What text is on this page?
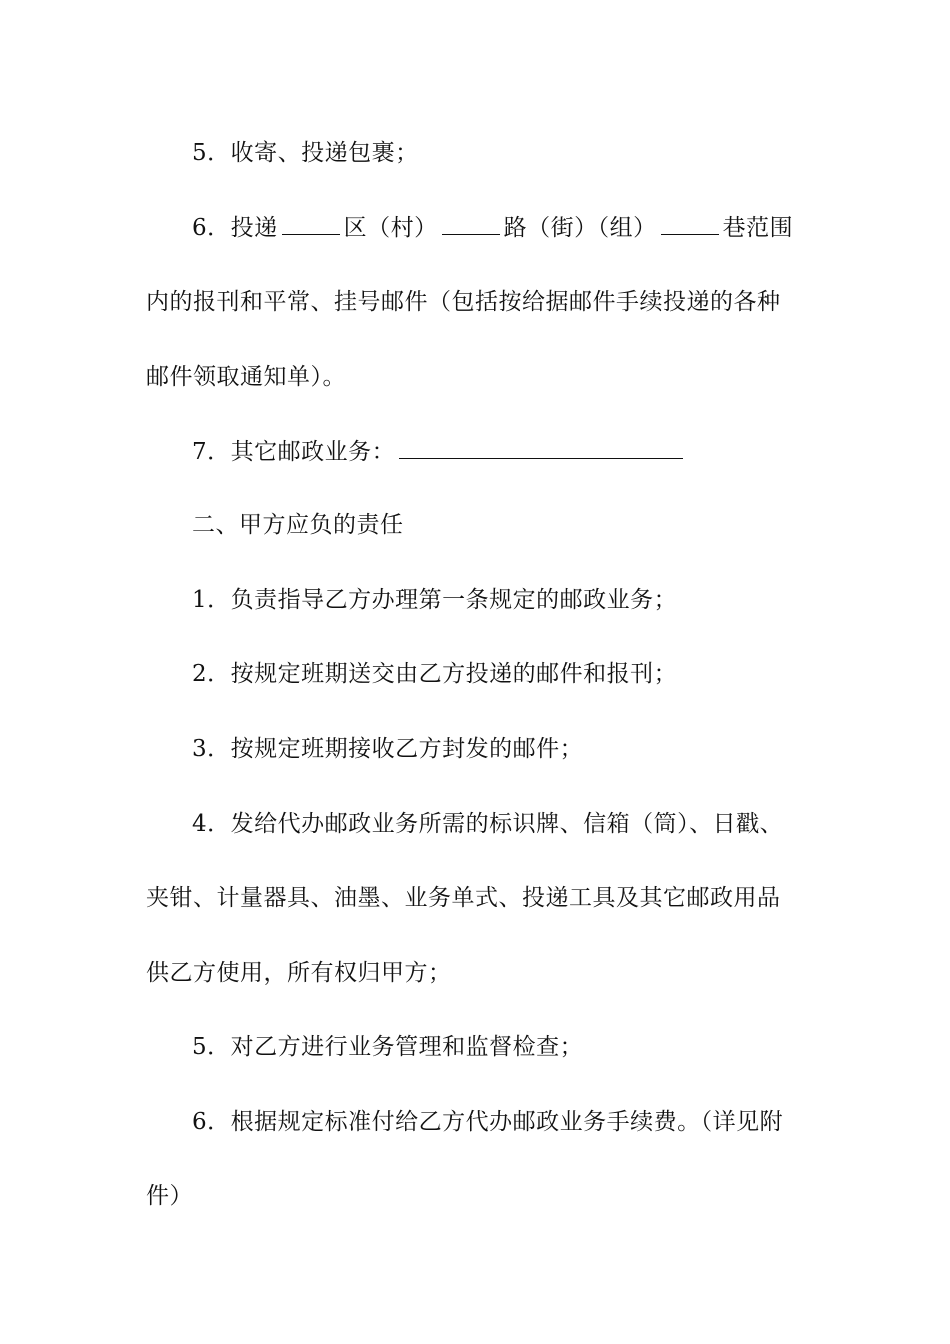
5．收寄、投递包裹；
6．投递	区（村）	路（街）（组）	巷范围
内的报刊和平常、挂号邮件（包括按给据邮件手续投递的各种
邮件领取通知单）。
7．其它邮政业务：
二、甲方应负的责任
1．负责指导乙方办理第一条规定的邮政业务；
2．按规定班期送交由乙方投递的邮件和报刊；
3．按规定班期接收乙方封发的邮件；
4．发给代办邮政业务所需的标识牌、信箱（筒）、日戳、
夹钳、计量器具、油墨、业务单式、投递工具及其它邮政用品
供乙方使用，所有权归甲方；
5．对乙方进行业务管理和监督检查；
6．根据规定标准付给乙方代办邮政业务手续费。（详见附
件）
